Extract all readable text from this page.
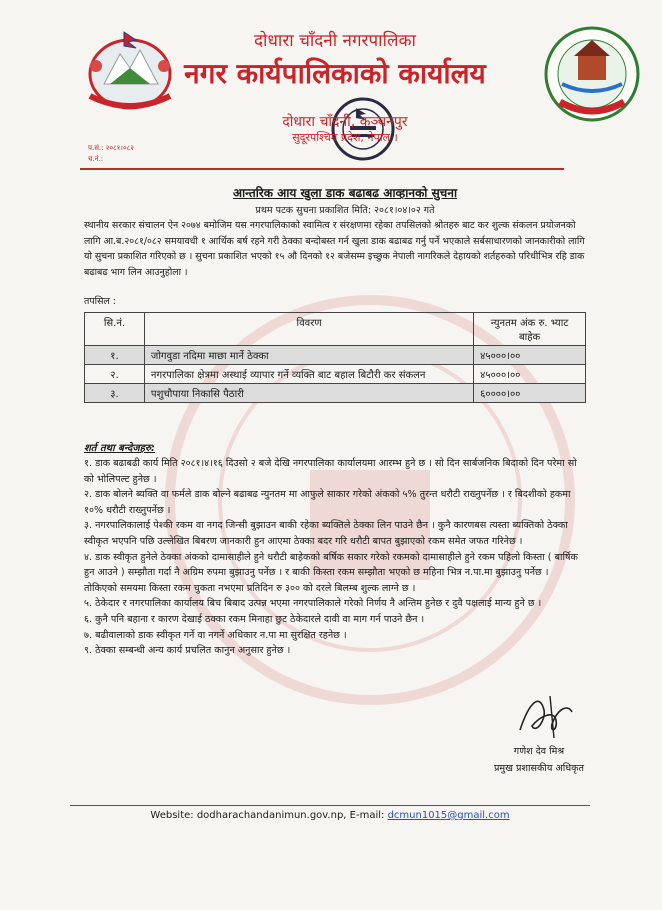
दोधारा चाँदनी नगरपालिका
नगर कार्यपालिकाको कार्यालय
दोधारा चाँदनी, कञ्चनपुर
सुदूरपश्चिम प्रदेश, नेपाल ।
प.सं.: २०८१।०८२
च.नं.:
आन्तरिक आय खुला डाक बढाबढ आव्हानको सुचना
प्रथम पटक सुचना प्रकाशित मिति: २०८१।०४।०२ गते
स्थानीय सरकार संचालन ऐन २०७४ बमोजिम यस नगरपालिकाको स्वामित्व र संरक्षणमा रहेका तपसिलको श्रोतहरु बाट कर शुल्क संकलन प्रयोजनको लागि आ.ब.२०८१/०८२ समयावधी १ आर्थिक बर्ष रहने गरी ठेक्का बन्दोबस्त गर्न खुला डाक बढाबढ गर्नु पर्ने भएकाले सर्बसाधारणको जानकारीको लागि यो सुचना प्रकाशित गरिएको छ । सुचना प्रकाशित भएको १५ औ दिनको १२ बजेसम्म इच्छुक नेपाली नागरिकले देहायको शर्तहरुको परिधीभित्र रहि डाक बढाबढ भाग लिन आउनुहोला ।
तपसिल :
सि.नं.	विवरण	न्युनतम अंक रु. भ्याट बाहेक
१.	जोगवुडा नदिमा माछा मार्ने ठेक्का	४५०००।००
२.	नगरपालिका क्षेत्रमा अस्थाई व्यापार गर्ने व्यक्ति बाट बहाल बिटौरी कर संकलन	४५०००।००
३.	पशुचौपाया निकासि पैठारी	६००००।००
शर्त तथा बन्देजहरु:

१. डाक बढाबढी कार्य मिति २०८१।४।१६ दिउसो २ बजे देखि नगरपालिका कार्यालयमा आरम्भ हुने छ । सो दिन सार्बजनिक बिदाको दिन परेमा सो को भोलिपल्ट हुनेछ ।

२. डाक बोलने ब्यक्ति वा फर्मले डाक बोल्ने बढाबढ न्युनतम मा आफुले साकार गरेको अंकको ५% तुरन्त धरौटी राख्नुपर्नेछ । र बिदशीको हकमा १०% धरौटी राख्नुपर्नेछ ।

३. नगरपालिकालाई पेश्की रकम वा नगद जिन्सी बुझाउन बाकी रहेका ब्यक्तिले ठेक्का लिन पाउने छैन । कुनै कारणबस त्यस्ता ब्यक्तिको ठेक्का स्वीकृत भएपनि पछि उल्लेखित बिबरण जानकारी हुन आएमा ठेक्का बदर गरि धरौटी बापत बुझाएको रकम समेत जफत गरिनेछ ।

४. डाक स्वीकृत हुनेले ठेक्का अंकको दामासाहीले हुने धरौटी बाहेकको बर्षिक सकार गरेको रकमको दामासाहीले हुने रकम पहिलो किस्ता ( बार्षिक हुन आउने ) सम्झौता गर्दा नै अग्रिम रुपमा बुझाउनु पर्नेछ । र बाकी किस्ता रकम सम्झौता भएको छ महिना भित्र न.पा.मा बुझाउनु पर्नेछ । तोकिएको समयमा किस्ता रकम चुकता नभएमा प्रतिदिन रु ३०० को दरले बिलम्ब शुल्क लाग्ने छ ।

५. ठेकेदार र नगरपालिका कार्यालय बिच बिबाद उत्पन्न भएमा नगरपालिकाले गरेको निर्णय नै अन्तिम हुनेछ र दुवै पक्षलाई मान्य हुने छ ।

६. कुनै पनि बहाना र कारण देखाई ठक्का रकम मिनाहा छुट ठेकेदारले दावी वा माग गर्न पाउने छैन ।

७. बढीवालाको डाक स्वीकृत गर्ने वा नगर्ने अधिकार न.पा मा सुरक्षित रहनेछ ।

९. ठेक्का सम्बन्धी अन्य कार्य प्रचलित कानुन अनुसार हुनेछ ।

गणेश देव मिश्र
प्रमुख प्रशासकीय अधिकृत
Website: dodharachandanimun.gov.np, E-mail: dcmun1015@gmail.com
